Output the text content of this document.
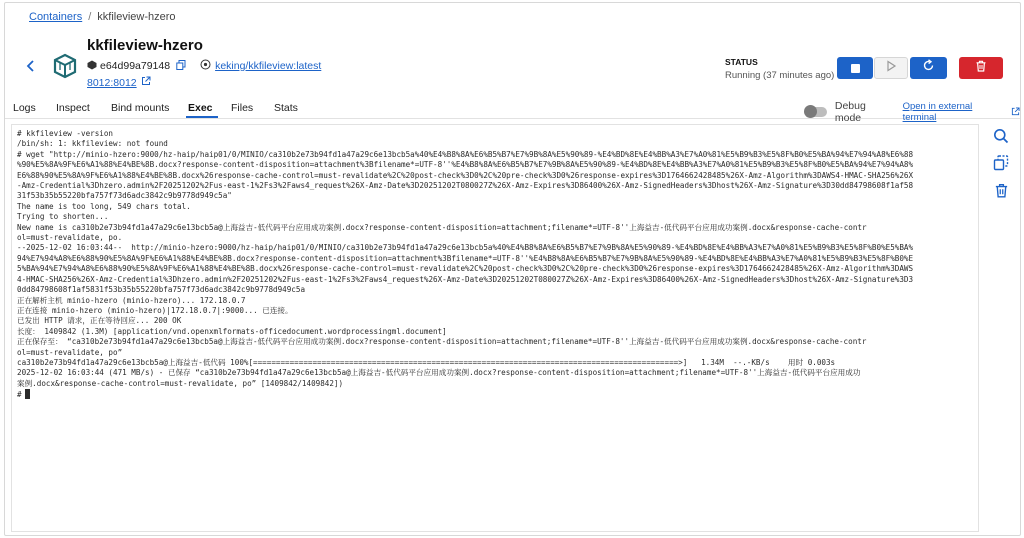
Containers / kkfileview-hzero
kkfileview-hzero
e64d99a79148	keking/kkfileview:latest
8012:8012
STATUS
Running (37 minutes ago)
Logs Inspect Bind mounts Exec Files Stats	Debug mode
Open in external terminal
# kkfileview -version
/bin/sh: 1: kkfileview: not found
# wget "http://minio-hzero:9000/hz-haip/haip01/0/MINIO/ca310b2e73b94fd1a47a29c6e13bcb5a%40%E4%B8%8A%E6%B5%B7%E7%9B%8A%E5%90%89-%E4%BD%8E%E4%BB%A3%E7%A0%81%E5%B9%B3%E5%8F%B0%E5%BA%94%E7%94%A8%E6%88
%90%E5%8A%9F%E6%A1%88%E4%BE%8B.docx?response-content-disposition=attachment%3Bfilename*=UTF-8''%E4%B8%8A%E6%B5%B7%E7%9B%8A%E5%90%89-%E4%BD%8E%E4%BB%A3%E7%A0%81%E5%B9%B3%E5%8F%B0%E5%BA%94%E7%94%A8%
E6%88%90%E5%8A%9F%E6%A1%88%E4%BE%8B.docx%26response-cache-control=must-revalidate%2C%20post-check%3D0%2C%20pre-check%3D0%26response-expires%3D1764662428485%26X-Amz-Algorithm%3DAWS4-HMAC-SHA256%26X
-Amz-Credential%3Dhzero.admin%2F20251202%2Fus-east-1%2Fs3%2Faws4_request%26X-Amz-Date%3D20251202T080027Z%26X-Amz-Expires%3D86400%26X-Amz-SignedHeaders%3Dhost%26X-Amz-Signature%3D30dd84798608f1af58
31f53b35b55220bfa757f73d6adc3842c9b9778d949c5a"
The name is too long, 549 chars total.
Trying to shorten...
New name is ca310b2e73b94fd1a47a29c6e13bcb5a@上海益吉-低代码平台应用成功案例.docx?response-content-disposition=attachment;filename*=UTF-8''上海益吉-低代码平台应用成功案例.docx&response-cache-contr
ol=must-revalidate, po.
--2025-12-02 16:03:44--  http://minio-hzero:9000/hz-haip/haip01/0/MINIO/ca310b2e73b94fd1a47a29c6e13bcb5a%40%E4%B8%8A%E6%B5%B7%E7%9B%8A%E5%90%89-%E4%BD%8E%E4%BB%A3%E7%A0%81%E5%B9%B3%E5%8F%B0%E5%BA%
94%E7%94%A8%E6%88%90%E5%8A%9F%E6%A1%88%E4%BE%8B.docx?response-content-disposition=attachment%3Bfilename*=UTF-8''%E4%B8%8A%E6%B5%B7%E7%9B%8A%E5%90%89-%E4%BD%8E%E4%BB%A3%E7%A0%81%E5%B9%B3%E5%8F%B0%E
5%BA%94%E7%94%A8%E6%88%90%E5%8A%9F%E6%A1%88%E4%BE%8B.docx%26response-cache-control=must-revalidate%2C%20post-check%3D0%2C%20pre-check%3D0%26response-expires%3D1764662428485%26X-Amz-Algorithm%3DAWS
4-HMAC-SHA256%26X-Amz-Credential%3Dhzero.admin%2F20251202%2Fus-east-1%2Fs3%2Faws4_request%26X-Amz-Date%3D20251202T080027Z%26X-Amz-Expires%3D86400%26X-Amz-SignedHeaders%3Dhost%26X-Amz-Signature%3D3
0dd84798608f1af5831f53b35b55220bfa757f73d6adc3842c9b9778d949c5a
正在解析主机 minio-hzero (minio-hzero)... 172.18.0.7
正在连接 minio-hzero (minio-hzero)|172.18.0.7|:9000... 已连接。
已发出 HTTP 请求，正在等待回应... 200 OK
长度： 1409842 (1.3M) [application/vnd.openxmlformats-officedocument.wordprocessingml.document]
正在保存至： “ca310b2e73b94fd1a47a29c6e13bcb5a@上海益吉-低代码平台应用成功案例.docx?response-content-disposition=attachment;filename*=UTF-8''上海益吉-低代码平台应用成功案例.docx&response-cache-contr
ol=must-revalidate, po”
ca310b2e73b94fd1a47a29c6e13bcb5a@上海益吉-低代码 100%[=============================================================================================>]   1.34M  --.-KB/s    用时 0.003s
2025-12-02 16:03:44 (471 MB/s) - 已保存 “ca310b2e73b94fd1a47a29c6e13bcb5a@上海益吉-低代码平台应用成功案例.docx?response-content-disposition=attachment;filename*=UTF-8''上海益吉-低代码平台应用成功
案例.docx&response-cache-control=must-revalidate, po” [1409842/1409842])
#
